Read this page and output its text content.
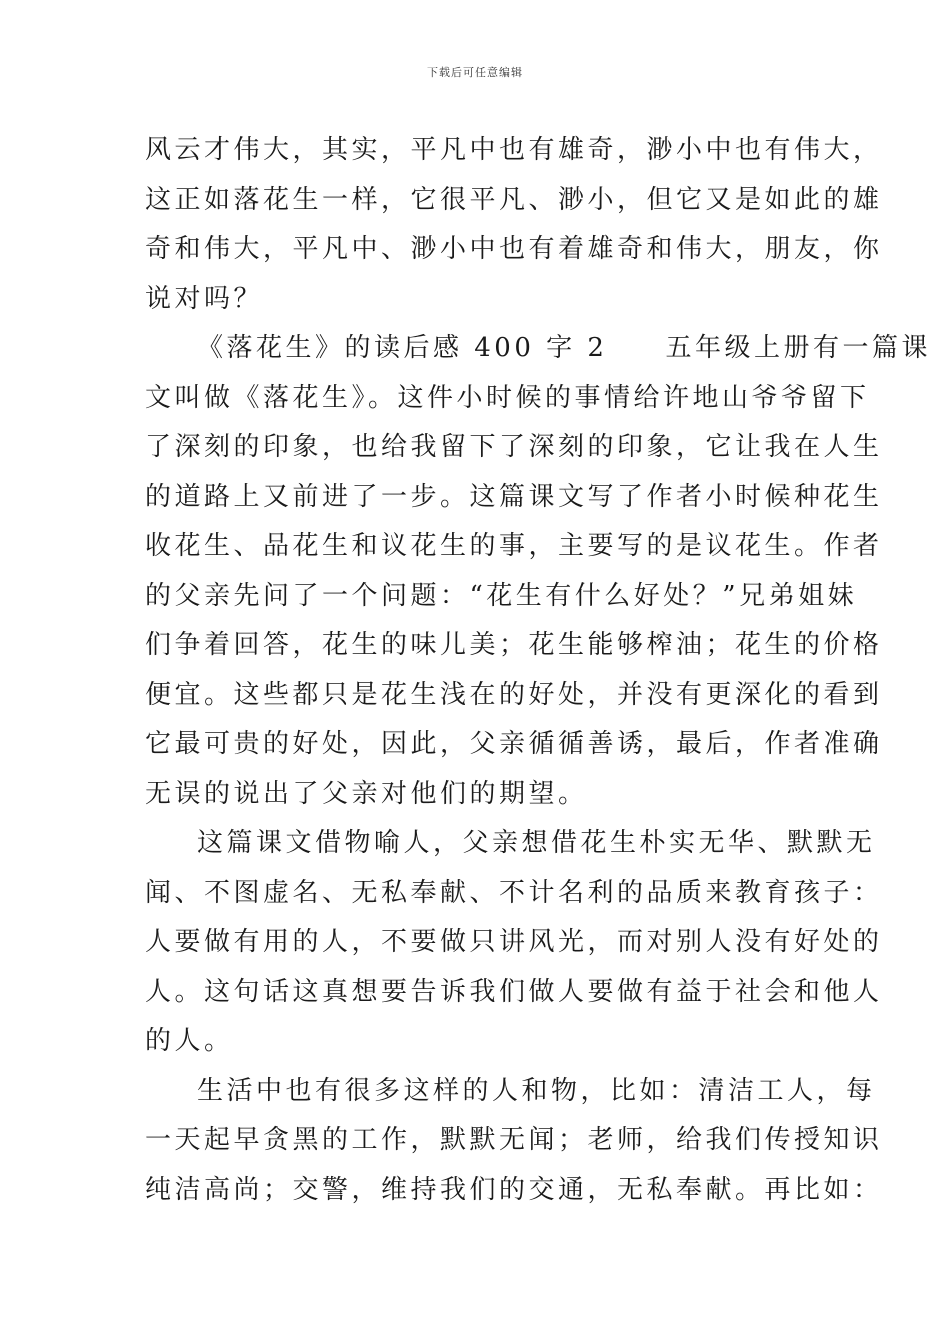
下载后可任意编辑
风云才伟大，其实，平凡中也有雄奇，渺小中也有伟大，
这正如落花生一样，它很平凡、渺小，但它又是如此的雄
奇和伟大，平凡中、渺小中也有着雄奇和伟大，朋友，你
说对吗？
《落花生》的读后感 400 字 2 五年级上册有一篇课
文叫做《落花生》。这件小时候的事情给许地山爷爷留下
了深刻的印象，也给我留下了深刻的印象，它让我在人生
的道路上又前进了一步。这篇课文写了作者小时候种花生
收花生、品花生和议花生的事，主要写的是议花生。作者
的父亲先问了一个问题：“花生有什么好处？”兄弟姐妹
们争着回答，花生的味儿美；花生能够榨油；花生的价格
便宜。这些都只是花生浅在的好处，并没有更深化的看到
它最可贵的好处，因此，父亲循循善诱，最后，作者准确
无误的说出了父亲对他们的期望。
这篇课文借物喻人，父亲想借花生朴实无华、默默无
闻、不图虚名、无私奉献、不计名利的品质来教育孩子：
人要做有用的人，不要做只讲风光，而对别人没有好处的
人。这句话这真想要告诉我们做人要做有益于社会和他人
的人。
生活中也有很多这样的人和物，比如：清洁工人，每
一天起早贪黑的工作，默默无闻；老师，给我们传授知识
纯洁高尚；交警，维持我们的交通，无私奉献。再比如：
